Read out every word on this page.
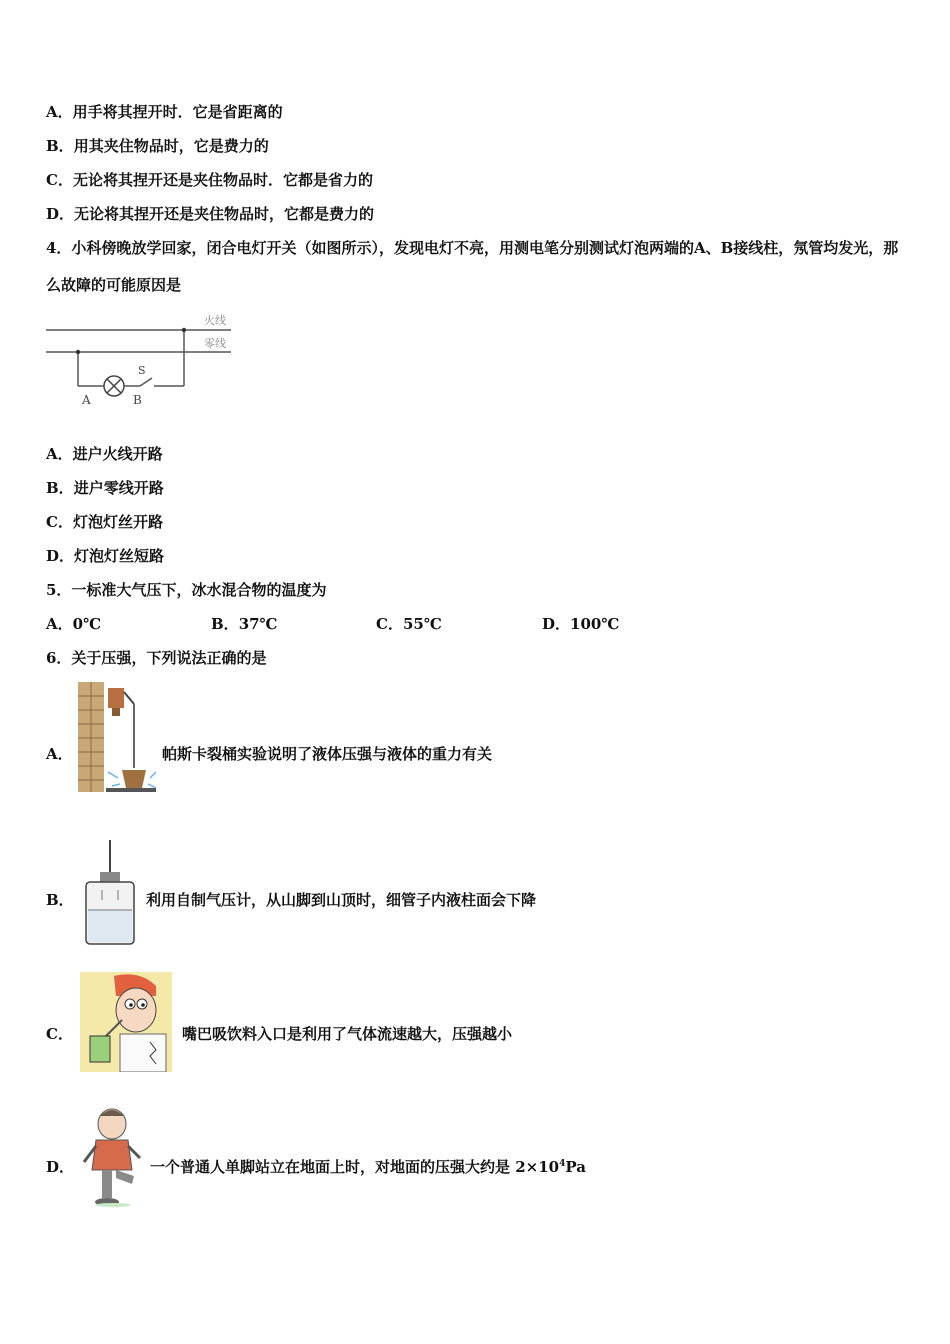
A．用手将其捏开时．它是省距离的
B．用其夹住物品时，它是费力的
C．无论将其捏开还是夹住物品时．它都是省力的
D．无论将其捏开还是夹住物品时，它都是费力的
4．小科傍晚放学回家，闭合电灯开关（如图所示），发现电灯不亮，用测电笔分别测试灯泡两端的A、B接线柱，氖管均发光，那么故障的可能原因是
火线
零线
A	B
S
A．进户火线开路
B．进户零线开路
C．灯泡灯丝开路
D．灯泡灯丝短路
5．一标准大气压下，冰水混合物的温度为
A．0℃	B．37℃	C．55℃	D．100℃
6．关于压强，下列说法正确的是
A．	帕斯卡裂桶实验说明了液体压强与液体的重力有关
B．	利用自制气压计，从山脚到山顶时，细管子内液柱面会下降
C．	嘴巴吸饮料入口是利用了气体流速越大，压强越小
D．	一个普通人单脚站立在地面上时，对地面的压强大约是 $2\times 10^4Pa$
